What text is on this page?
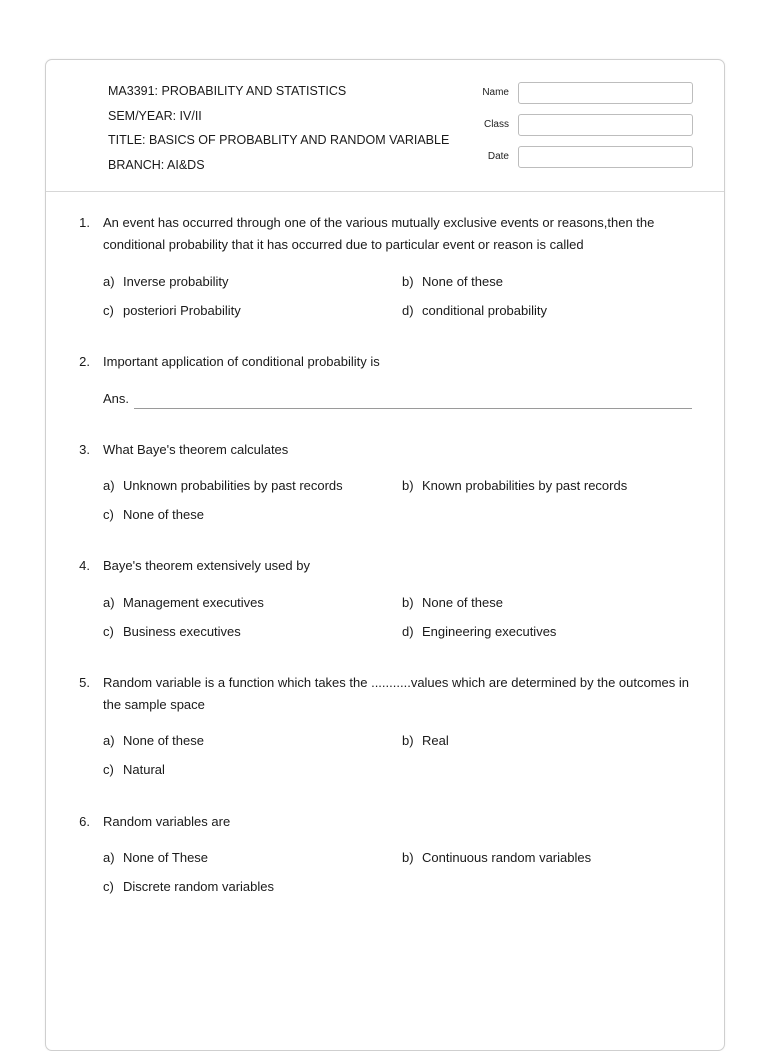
MA3391: PROBABILITY AND STATISTICS
SEM/YEAR: IV/II
TITLE: BASICS OF PROBABLITY AND RANDOM VARIABLE
BRANCH: AI&DS
Name
Class
Date
1. An event has occurred through one of the various mutually exclusive events or reasons,then the conditional probability that it has occurred due to particular event or reason is called
a) Inverse probability	b) None of these
c) posteriori Probability	d) conditional probability
2. Important application of conditional probability is
Ans.
3. What Baye's theorem calculates
a) Unknown probabilities by past records	b) Known probabilities by past records
c) None of these
4. Baye's theorem extensively used by
a) Management executives	b) None of these
c) Business executives	d) Engineering executives
5. Random variable is a function which takes the ...........values which are determined by the outcomes in the sample space
a) None of these	b) Real
c) Natural
6. Random variables are
a) None of These	b) Continuous random variables
c) Discrete random variables
